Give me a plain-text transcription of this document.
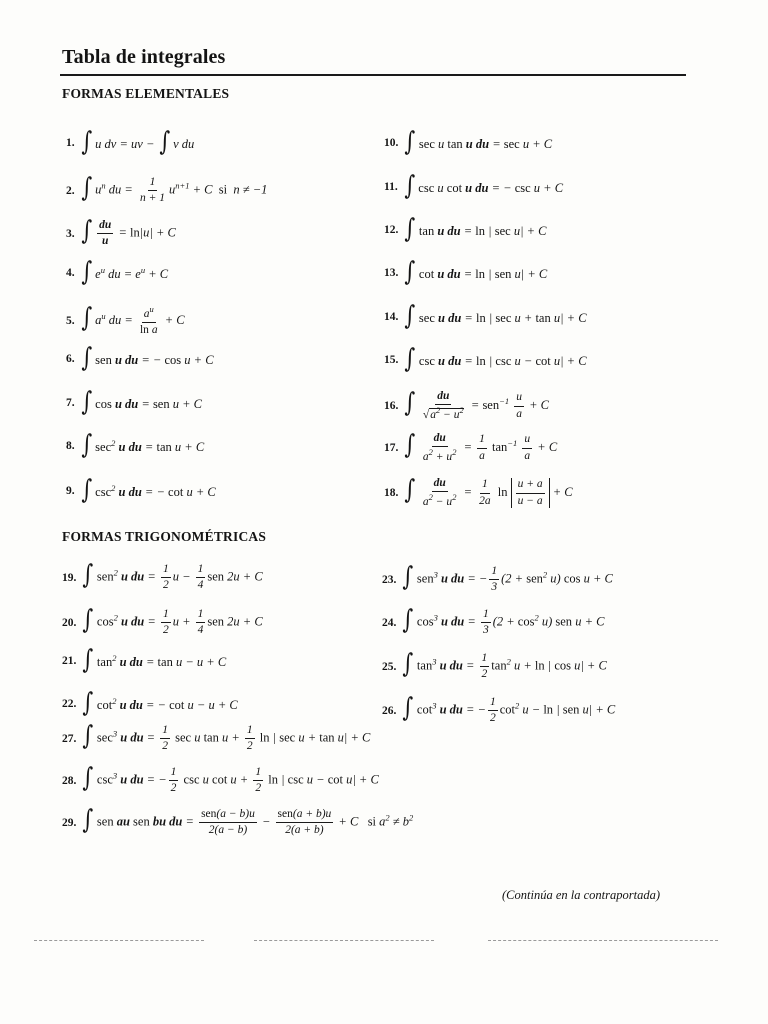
Tabla de integrales
FORMAS ELEMENTALES
1. ∫ u dv = uv − ∫ v du
2. ∫ $u^n$ du = $\frac{1}{n + 1} u^{n+1} + C$  si  n ≠ −1
3. ∫ $\frac{du}{u} = \ln|u| + C$
4. ∫ $e^u$ du = $e^u + C$
5. ∫ $a^u$ du = $\frac{a^u}{\text{ln a}} + C$
6. ∫ sen u du = − cos u + C
7. ∫ cos u du = sen u + C
8. ∫ $\sec^2 u$ du = tan u + C
9. ∫ $\csc^2 u$ du = − cot u + C
10. ∫ sec u tan u du = sec u + C
11. ∫ csc u cot u du = − csc u + C
12. ∫ tan u du = ln | sec u| + C
13. ∫ cot u du = ln | sen u| + C
14. ∫ sec u du = ln | sec u + tan u| + C
15. ∫ csc u du = ln | csc u − cot u| + C
16. ∫ $\frac{du}{√a^2 - u^2} = sen^{-1} \frac{u}{a} + C$
17. ∫ $\frac{du}{a^2 + u^2} = \frac{1}{a} \tan^{-1} \frac{u}{a} + C$
18. ∫ $\frac{du}{a^2 - u^2} = \frac{1}{2a}$ $\ln \frac{u + a}{u - a} + C$
FORMAS TRIGONOMÉTRICAS
19. ∫ sen$^2$ u du = $\frac{1}{2}$ $u - \frac{1}{4}$ sen 2u + C
20. ∫ $\cos^2 u$ du = $\frac{1}{2}$ $u + \frac{1}{4}$ sen 2u + C
21. ∫ $\tan^2 u$ du = tan u − u + C
22. ∫ $\cot^2 u$ du = − cot u − u + C
23. ∫ sen$^3$ u du = − $\frac{1}{3} (2 + sen^2$ u) cos u + C
24. ∫ $\cos^3 u$ du = $\frac{1}{3} (2 + \cos^2 u)$ sen u + C
25. ∫ $\tan^3 u$ du = $\frac{1}{2} \tan^2 u + \ln$ | cos u| + C
26. ∫ $\cot^3 u$ du = − $\frac{1}{2} \cot^2 u - \ln$ | sen u| + C
27. ∫ $\sec^3 u$ du = $\frac{1}{2}$ sec u $\tan u + \frac{1}{2}$ ln | sec u + tan u| + C
28. ∫ $\csc^3 u$ du = − $\frac{1}{2}$ csc u $\cot u + \frac{1}{2}$ ln | csc u − cot u| + C
29. ∫ sen au sen bu du =
sen(a − b)u
2(a − b)
−
sen(a + b)u
2(a + b)
+ C   si $a^2 \ne b^2$
(Continúa en la contraportada)
